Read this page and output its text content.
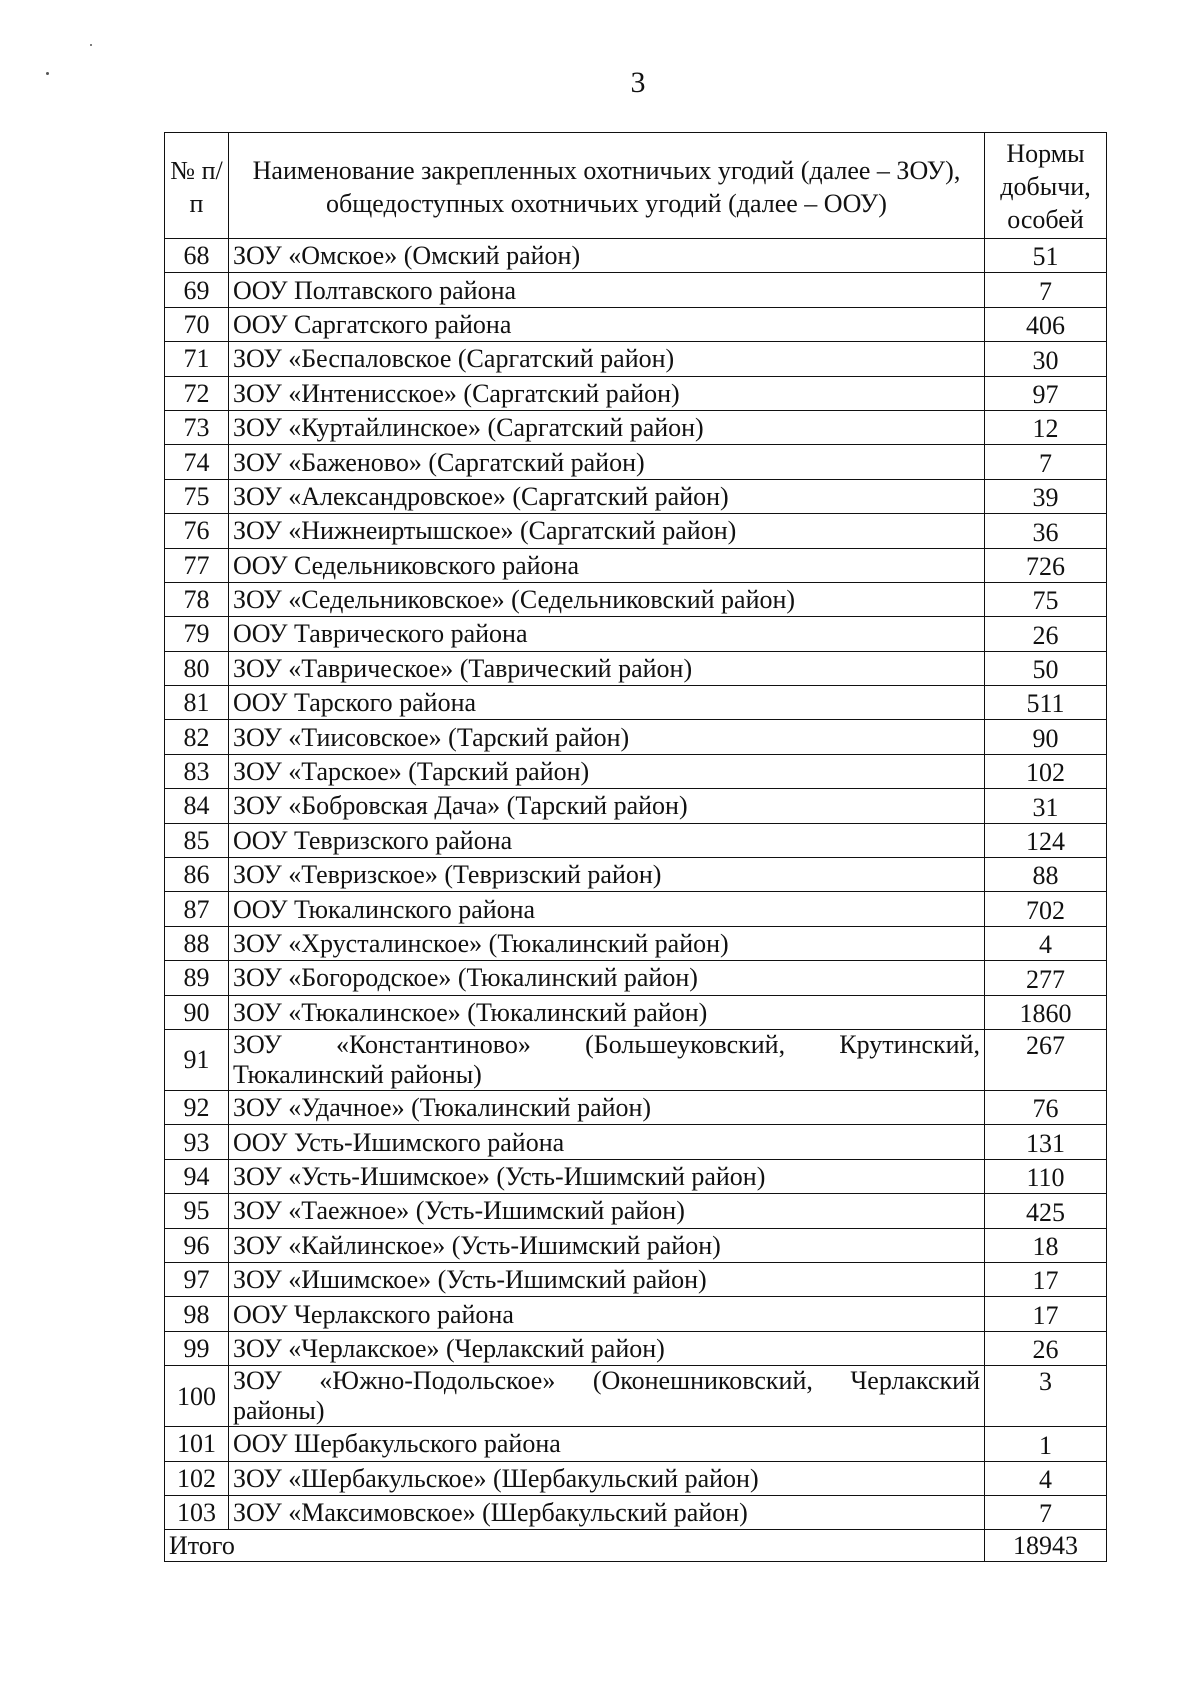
3
№ п/п	Наименование закрепленных охотничьих угодий (далее – ЗОУ), общедоступных охотничьих угодий (далее – ООУ)	Нормы добычи, особей
68	ЗОУ «Омское» (Омский район)	51
69	ООУ Полтавского района	7
70	ООУ Саргатского района	406
71	ЗОУ «Беспаловское (Саргатский район)	30
72	ЗОУ «Интенисское» (Саргатский район)	97
73	ЗОУ «Куртайлинское» (Саргатский район)	12
74	ЗОУ «Баженово» (Саргатский район)	7
75	ЗОУ «Александровское» (Саргатский район)	39
76	ЗОУ «Нижнеиртышское» (Саргатский район)	36
77	ООУ Седельниковского района	726
78	ЗОУ «Седельниковское» (Седельниковский район)	75
79	ООУ Таврического района	26
80	ЗОУ «Таврическое» (Таврический район)	50
81	ООУ Тарского района	511
82	ЗОУ «Тиисовское» (Тарский район)	90
83	ЗОУ «Тарское» (Тарский район)	102
84	ЗОУ «Бобровская Дача» (Тарский район)	31
85	ООУ Тевризского района	124
86	ЗОУ «Тевризское» (Тевризский район)	88
87	ООУ Тюкалинского района	702
88	ЗОУ «Хрусталинское» (Тюкалинский район)	4
89	ЗОУ «Богородское» (Тюкалинский район)	277
90	ЗОУ «Тюкалинское» (Тюкалинский район)	1860
91	ЗОУ «Константиново» (Большеуковский, Крутинский, Тюкалинский районы)	267
92	ЗОУ «Удачное» (Тюкалинский район)	76
93	ООУ Усть-Ишимского района	131
94	ЗОУ «Усть-Ишимское» (Усть-Ишимский район)	110
95	ЗОУ «Таежное» (Усть-Ишимский район)	425
96	ЗОУ «Кайлинское» (Усть-Ишимский район)	18
97	ЗОУ «Ишимское» (Усть-Ишимский район)	17
98	ООУ Черлакского района	17
99	ЗОУ «Черлакское» (Черлакский район)	26
100	ЗОУ «Южно-Подольское» (Оконешниковский, Черлакский районы)	3
101	ООУ Шербакульского района	1
102	ЗОУ «Шербакульское» (Шербакульский район)	4
103	ЗОУ «Максимовское» (Шербакульский район)	7
Итого		18943
